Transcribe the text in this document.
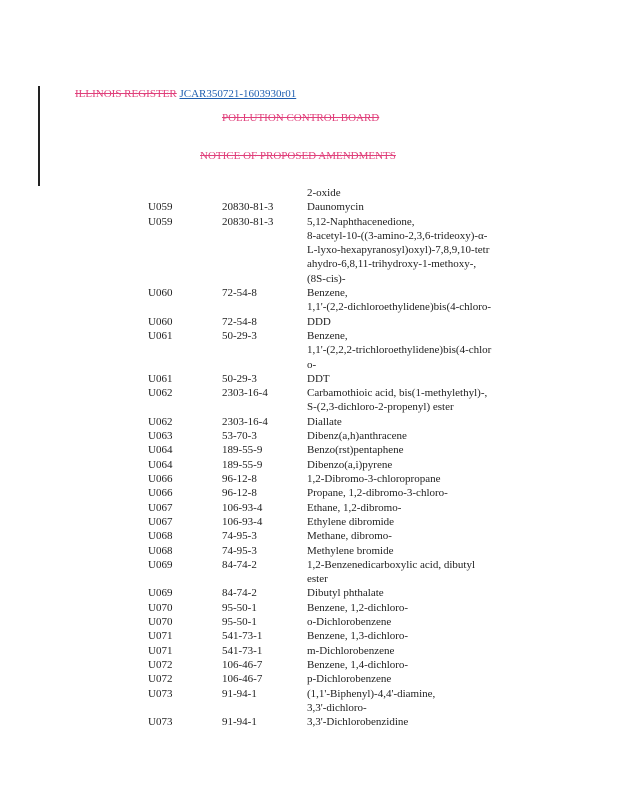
ILLINOIS REGISTER JCAR350721-1603930r01
POLLUTION CONTROL BOARD
NOTICE OF PROPOSED AMENDMENTS
2-oxide
U059	20830-81-3	Daunomycin
U059	20830-81-3	5,12-Naphthacenedione,
8-acetyl-10-((3-amino-2,3,6-trideoxy)-α-
L-lyxo-hexapyranosyl)oxyl)-7,8,9,10-tetr
ahydro-6,8,11-trihydroxy-1-methoxy-,
(8S-cis)-
U060	72-54-8	Benzene,
1,1'-(2,2-dichloroethylidene)bis(4-chloro-
U060	72-54-8	DDD
U061	50-29-3	Benzene,
1,1'-(2,2,2-trichloroethylidene)bis(4-chlor
o-
U061	50-29-3	DDT
U062	2303-16-4	Carbamothioic acid, bis(1-methylethyl)-,
S-(2,3-dichloro-2-propenyl) ester
U062	2303-16-4	Diallate
U063	53-70-3	Dibenz(a,h)anthracene
U064	189-55-9	Benzo(rst)pentaphene
U064	189-55-9	Dibenzo(a,i)pyrene
U066	96-12-8	1,2-Dibromo-3-chloropropane
U066	96-12-8	Propane, 1,2-dibromo-3-chloro-
U067	106-93-4	Ethane, 1,2-dibromo-
U067	106-93-4	Ethylene dibromide
U068	74-95-3	Methane, dibromo-
U068	74-95-3	Methylene bromide
U069	84-74-2	1,2-Benzenedicarboxylic acid, dibutyl
ester
U069	84-74-2	Dibutyl phthalate
U070	95-50-1	Benzene, 1,2-dichloro-
U070	95-50-1	o-Dichlorobenzene
U071	541-73-1	Benzene, 1,3-dichloro-
U071	541-73-1	m-Dichlorobenzene
U072	106-46-7	Benzene, 1,4-dichloro-
U072	106-46-7	p-Dichlorobenzene
U073	91-94-1	(1,1'-Biphenyl)-4,4'-diamine,
3,3'-dichloro-
U073	91-94-1	3,3'-Dichlorobenzidine
